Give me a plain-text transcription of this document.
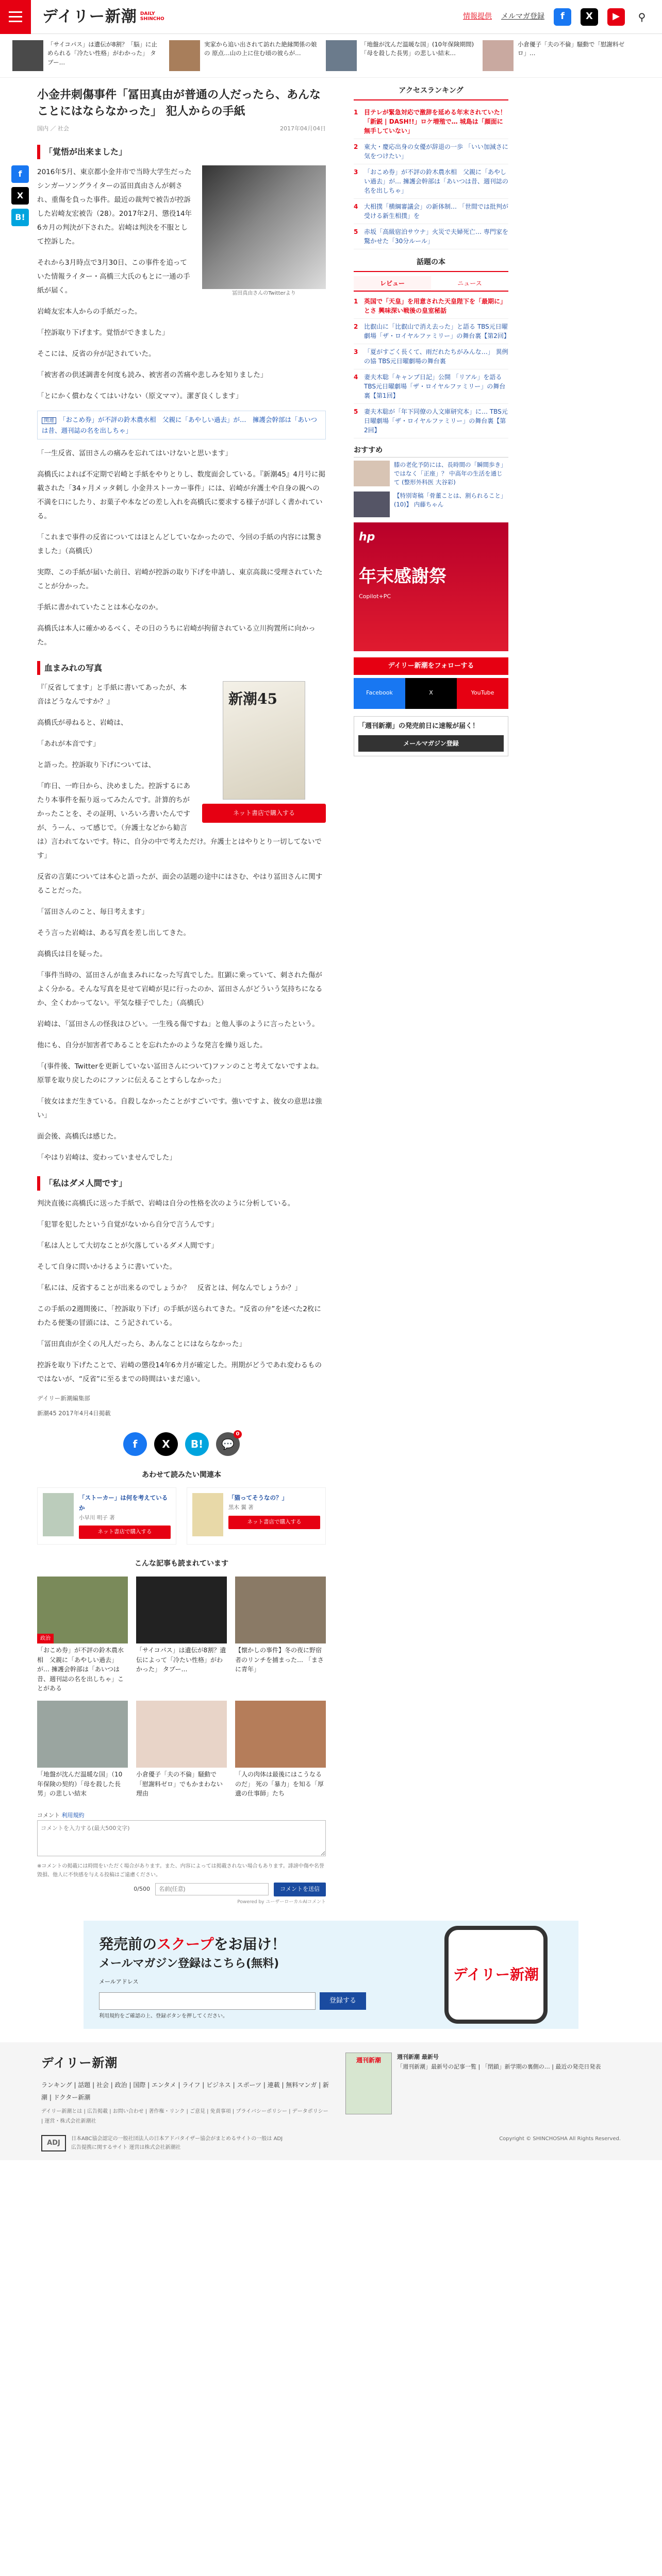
デイリー新潮 DAILY
SHINCHO	情報提供 メルマガ登録	f	X	▶	⚲
「サイコパス」は遺伝が8割？「脳」に止められる「冷たい性格」がわかった」 タブー…
実家から追い出されて訪れた絶縁関係の娘の 原点…山の上に住む頃の彼らが…
「地盤が沈んだ温暖な国」(10年保険期間) 「母を殺した長男」の悲しい結末…
小倉優子「夫の不倫」騒動で「慰謝料ゼロ」…
f
X
B!
小金井刺傷事件「冨田真由が普通の人だったら、あんなことにはならなかった」 犯人からの手紙
国内 ／ 社会	2017年04月04日
「覚悟が出来ました」
冨田真由さんのTwitterより

2016年5月、東京都小金井市で当時大学生だったシンガーソングライターの冨田真由さんが刺され、重傷を負った事件。最近の裁判で被告が控訴した岩崎友宏被告（28）。2017年2月、懲役14年6カ月の判決が下された。岩崎は判決を不服として控訴した。

それから3月時点で3月30日、この事件を追っていた情報ライター・高橋三大氏のもとに一通の手紙が届く。

岩崎友宏本人からの手紙だった。

「控訴取り下げます。覚悟ができました」

そこには、反省の弁が記されていた。

「被害者の供述調書を何度も読み、被害者の苦痛や悲しみを知りました」

「とにかく償わなくてはいけない（原文ママ）。潔ぎ良くします」

関連 「おこめ券」が不評の鈴木農水相　父親に「あやしい過去」が…　擁護会幹部は「あいつは昔、週刊誌の名を出しちゃ」

「一生反省、冨田さんの痛みを忘れてはいけないと思います」

高橋氏によれば不定期で岩崎と手紙をやりとりし、数度面会している。『新潮45』4月号に掲載された「34ヶ月メッタ刺し 小金井ストーカー事件」には、岩崎が弁護士や自身の親への不満を口にしたり、お菓子や本などの差し入れを高橋氏に要求する様子が詳しく書かれている。

「これまで事件の反省についてはほとんどしていなかったので、今回の手紙の内容には驚きました」（高橋氏）

実際、この手紙が届いた前日、岩崎が控訴の取り下げを申請し、東京高裁に受理されていたことが分かった。

手紙に書かれていたことは本心なのか。

高橋氏は本人に確かめるべく、その日のうちに岩崎が拘留されている立川拘置所に向かった。

血まみれの写真
新潮45
ネット書店で購入する

『「反省してます」と手紙に書いてあったが、本音はどうなんですか？』

高橋氏が尋ねると、岩崎は、

「あれが本音です」

と語った。控訴取り下げについては、

「昨日、一昨日から、決めました。控訴するにあたり本事件を振り返ってみたんです。計算的ちがかったことを、その証明、いろいろ書いたんですが、うーん、って感じで。（弁護士などから勧言は）言われてないです。特に、自分の中で考えただけ。弁護士とはやりとり一切してないです」

反省の言葉については本心と語ったが、面会の話題の途中にはさむ、やはり冨田さんに関することだった。

「冨田さんのこと、毎日考えます」

そう言った岩崎は、ある写真を差し出してきた。

高橋氏は目を疑った。

「事件当時の、冨田さんが血まみれになった写真でした。肛顕に乗っていて、刺された傷がよく分かる。そんな写真を見せて岩崎が見に行ったのか、冨田さんがどういう気持ちになるか、全くわかってない。平気な様子でした」（高橋氏）

岩崎は、「冨田さんの怪我はひどい。一生残る傷ですね」と他人事のように言ったという。

他にも、自分が加害者であることを忘れたかのような発言を繰り返した。

「(事件後、Twitterを更新していない冨田さんについて)ファンのこと考えてないですよね。原罪を取り戻したのにファンに伝えることすらしなかった」

「彼女はまだ生きている。自殺しなかったことがすごいです。強いですよ、彼女の意思は強い」

面会後、高橋氏は感じた。

「やはり岩崎は、変わっていませんでした」

「私はダメ人間です」

判決直後に高橋氏に送った手紙で、岩崎は自分の性格を次のように分析している。

「犯罪を犯したという自覚がないから自分で言うんです」

「私は人として大切なことが欠落しているダメ人間です」

そして自身に問いかけるように書いていた。

「私には、反省することが出来るのでしょうか？　反省とは、何なんでしょうか？」

この手紙の2週間後に、「控訴取り下げ」の手紙が送られてきた。“反省の弁”を述べた2枚にわたる便箋の冒頭には、こう記されている。

「冨田真由が全くの凡人だったら、あんなことにはならなかった」

控訴を取り下げたことで、岩崎の懲役14年6カ月が確定した。刑期がどうであれ変わるものではないが、“反省”に至るまでの時間はいまだ遠い。

デイリー新潮編集部
新潮45 2017年4月4日掲載
f	X	B!	💬
0
あわせて読みたい関連本
「ストーカー」は何を考えているか
小早川 明子 著
ネット書店で購入する
「猫ってそうなの？」
黒木 翼 著
ネット書店で購入する
こんな記事も読まれています
政治
「おこめ券」が不評の鈴木農水相　父親に「あやしい過去」が… 擁護会幹部は「あいつは昔、週刊誌の名を出しちゃ」ことがある
「サイコパス」は遺伝が8割？遺伝によって「冷たい性格」がわかった」 タブー…
【懐かしの事件】冬の夜に野宿者のリンチを捕まった… 「まさに青年」
「地盤が沈んだ温暖な国」（10年保険の契約）「母を殺した長男」の悲しい結末
小倉優子「夫の不倫」騒動で「慰謝料ゼロ」でもかまわない理由
「人の肉体は最後にはこうなるのだ」 死の「暴力」を知る「厚遺の仕事師」たち
コメント 利用規約 コメントを入力する(最大500文字)
※コメントの掲載には時間をいただく場合があります。また、内容によっては掲載されない場合もあります。誹謗中傷や名誉毀損、他人に不快感を与える投稿はご遠慮ください。
0/500
名前(任意)	コメントを送信
Powered by ユーザーローカルAIコメント
アクセスランキング
1 目テレが緊急対応で激辞を延める年末されていた！「新鋭 | DASH!!」ロケ増殖で… 城島は「顔面に無手していない」
2 東大・慶応出身の女優が辞退の一歩 「いい加減さに気をつけたい」
3 「おこめ券」が不評の鈴木農水相　父親に「あやしい過去」が… 擁護会幹部は「あいつは昔、週刊誌の名を出しちゃ」
4 大相撲「横綱審議会」の新体制… 「世間では批判が受ける新生相撲」を
5 赤坂「高級宿泊サウナ」火災で夫婦死亡… 専門家を驚かせた「30分ルール」
話題の本
レビュー	ニュース
1 英国で「天皇」を用意された天皇陛下を「最期に」とさ 興味深い戦後の皇室秘話
2 比叡山に「比叡山で消え去った」と語る TBS元日曜劇場「ザ・ロイヤルファミリー」の舞台裏【第2回】
3 「夏がすごく長くて、雨だれたちがみんな…」 異例の協 TBS元日曜劇場の舞台裏
4 妻夫木聡「キャンプ日記」公開 「リアル」を語る TBS元日曜劇場「ザ・ロイヤルファミリー」の舞台裏【第1回】
5 妻夫木聡が「年下同僚の人文庫研究本」に… TBS元日曜劇場「ザ・ロイヤルファミリー」の舞台裏【第2回】
おすすめ
膝の老化予防には、長時間の「瞬間歩き」ではなく「正座」？ 中高年の生活を通じて (整形外科医 大谷彩)
【特別寄稿「骨董ことは、割られること」(10)】 内藤ちゃん
hp
年末感謝祭
Copilot+PC
デイリー新潮をフォローする
Facebook	X	YouTube
「週刊新潮」の発売前日に速報が届く！
メールマガジン登録
発売前のスクープをお届け！
メールマガジン登録はこちら(無料)
メールアドレス
登録する
利用規約をご確認の上、登録ボタンを押してください。
デイリー新潮
デイリー新潮
ランキング | 話題 | 社会 | 政治 | 国際 | エンタメ | ライフ | ビジネス | スポーツ | 連載 | 無料マンガ | 新潮 | ドクター新潮
デイリー新潮とは | 広告掲載 | お問い合わせ | 著作権・リンク | ご意見 | 免責事項 | プライバシーポリシー | データポリシー | 運営・株式会社新潮社
週刊新潮	週刊新潮 最新号
「週刊新潮」最新号の記事一覧 | 「閉鎖」新学期の裏側の… | 最近の発売日発表
ADJ
日本ABC協会認定の一般社団法人の日本アドバタイザー協会がまとめるサイトの一般は ADJ広告提携に関するサイト 運営は株式会社新潮社
Copyright © SHINCHOSHA All Rights Reserved.
